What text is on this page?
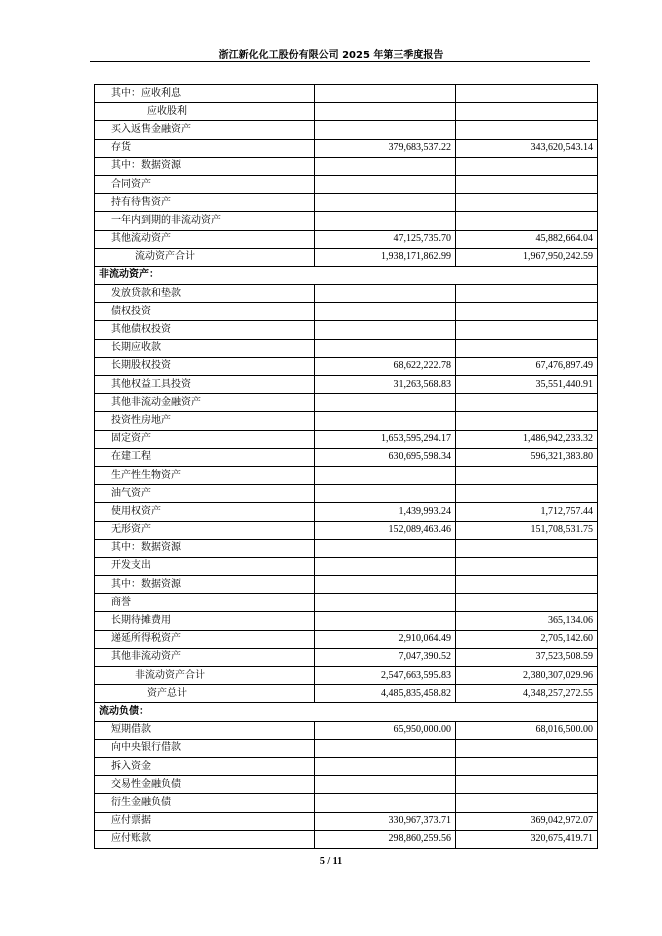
浙江新化化工股份有限公司 2025 年第三季度报告
其中：应收利息		
应收股利		
买入返售金融资产		
存货	379,683,537.22	343,620,543.14
其中：数据资源		
合同资产		
持有待售资产		
一年内到期的非流动资产		
其他流动资产	47,125,735.70	45,882,664.04
流动资产合计	1,938,171,862.99	1,967,950,242.59
非流动资产：		
发放贷款和垫款		
债权投资		
其他债权投资		
长期应收款		
长期股权投资	68,622,222.78	67,476,897.49
其他权益工具投资	31,263,568.83	35,551,440.91
其他非流动金融资产		
投资性房地产		
固定资产	1,653,595,294.17	1,486,942,233.32
在建工程	630,695,598.34	596,321,383.80
生产性生物资产		
油气资产		
使用权资产	1,439,993.24	1,712,757.44
无形资产	152,089,463.46	151,708,531.75
其中：数据资源		
开发支出		
其中：数据资源		
商誉		
长期待摊费用		365,134.06
递延所得税资产	2,910,064.49	2,705,142.60
其他非流动资产	7,047,390.52	37,523,508.59
非流动资产合计	2,547,663,595.83	2,380,307,029.96
资产总计	4,485,835,458.82	4,348,257,272.55
流动负债：		
短期借款	65,950,000.00	68,016,500.00
向中央银行借款		
拆入资金		
交易性金融负债		
衍生金融负债		
应付票据	330,967,373.71	369,042,972.07
应付账款	298,860,259.56	320,675,419.71
5 / 11
